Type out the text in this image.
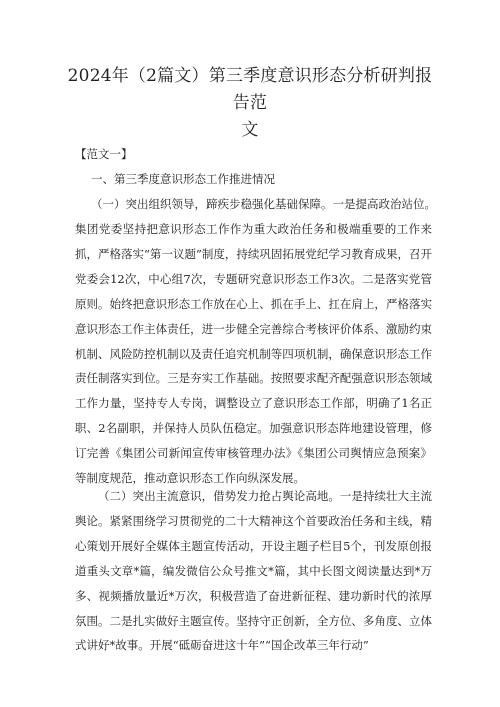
2024年（2篇文）第三季度意识形态分析研判报告范
文
【范文一】
一、第三季度意识形态工作推进情况
（一）突出组织领导，蹄疾步稳强化基础保障。一是提高政治站位。

集团党委坚持把意识形态工作作为重大政治任务和极端重要的工作来抓，严格落实“第一议题”制度，持续巩固拓展党纪学习教育成果，召开党委会12次，中心组7次，专题研究意识形态工作3次。二是落实党管原则。始终把意识形态工作放在心上、抓在手上、扛在肩上，严格落实意识形态工作主体责任，进一步健全完善综合考核评价体系、激励约束机制、风险防控机制以及责任追究机制等四项机制，确保意识形态工作责任制落实到位。三是夯实工作基础。按照要求配齐配强意识形态领域工作力量，坚持专人专岗，调整设立了意识形态工作部，明确了1名正职、2名副职，并保持人员队伍稳定。加强意识形态阵地建设管理，修订完善《集团公司新闻宣传审核管理办法》《集团公司舆情应急预案》等制度规范，推动意识形态工作向纵深发展。

（二）突出主流意识，借势发力抢占舆论高地。一是持续壮大主流舆论。紧紧围绕学习贯彻党的二十大精神这个首要政治任务和主线，精心策划开展好全媒体主题宣传活动，开设主题子栏目5个，刊发原创报道重头文章*篇，编发微信公众号推文*篇，其中长图文阅读量达到*万多、视频播放量近*万次，积极营造了奋进新征程、建功新时代的浓厚氛围。二是扎实做好主题宣传。坚持守正创新，全方位、多角度、立体式讲好*故事。开展“砥砺奋进这十年”“国企改革三年行动”
